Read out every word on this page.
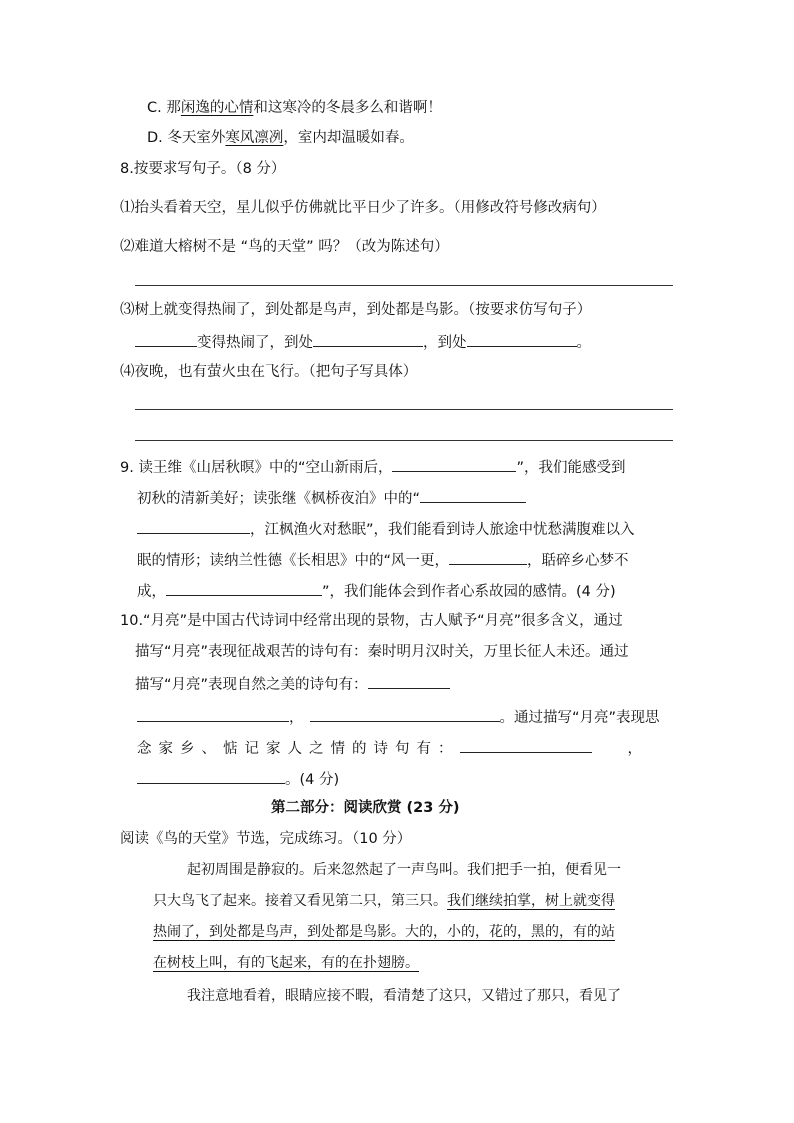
C. 那闲逸的心情和这寒冷的冬晨多么和谐啊！
D. 冬天室外寒风凛冽，室内却温暖如春。
8.按要求写句子。（8 分）
⑴抬头看着天空，星儿似乎仿佛就比平日少了许多。（用修改符号修改病句）
⑵难道大榕树不是 “鸟的天堂” 吗？（改为陈述句）
⑶树上就变得热闹了，到处都是鸟声，到处都是鸟影。（按要求仿写句子）
变得热闹了，到处	，到处	。
⑷夜晚，也有萤火虫在飞行。（把句子写具体）
9. 读王维《山居秋暝》中的“空山新雨后，	”，我们能感受到
初秋的清新美好；读张继《枫桥夜泊》中的“
，江枫渔火对愁眠”，我们能看到诗人旅途中忧愁满腹难以入
眠的情形；读纳兰性德《长相思》中的“风一更，	，聒碎乡心梦不
成，	”，我们能体会到作者心系故园的感情。(4 分)
10.“月亮”是中国古代诗词中经常出现的景物，古人赋予“月亮”很多含义，通过
描写“月亮”表现征战艰苦的诗句有：秦时明月汉时关，万里长征人未还。通过
描写“月亮”表现自然之美的诗句有：
，	。通过描写“月亮”表现思
念家乡、惦记家人之情的诗句有：	，
。(4 分)
第二部分：阅读欣赏 (23 分)
阅读《鸟的天堂》节选，完成练习。（10 分）
起初周围是静寂的。后来忽然起了一声鸟叫。我们把手一拍，便看见一
只大鸟飞了起来。接着又看见第二只，第三只。我们继续拍掌，树上就变得
热闹了，到处都是鸟声，到处都是鸟影。大的，小的，花的，黑的，有的站
在树枝上叫，有的飞起来，有的在扑翅膀。
我注意地看着，眼睛应接不暇，看清楚了这只，又错过了那只，看见了
